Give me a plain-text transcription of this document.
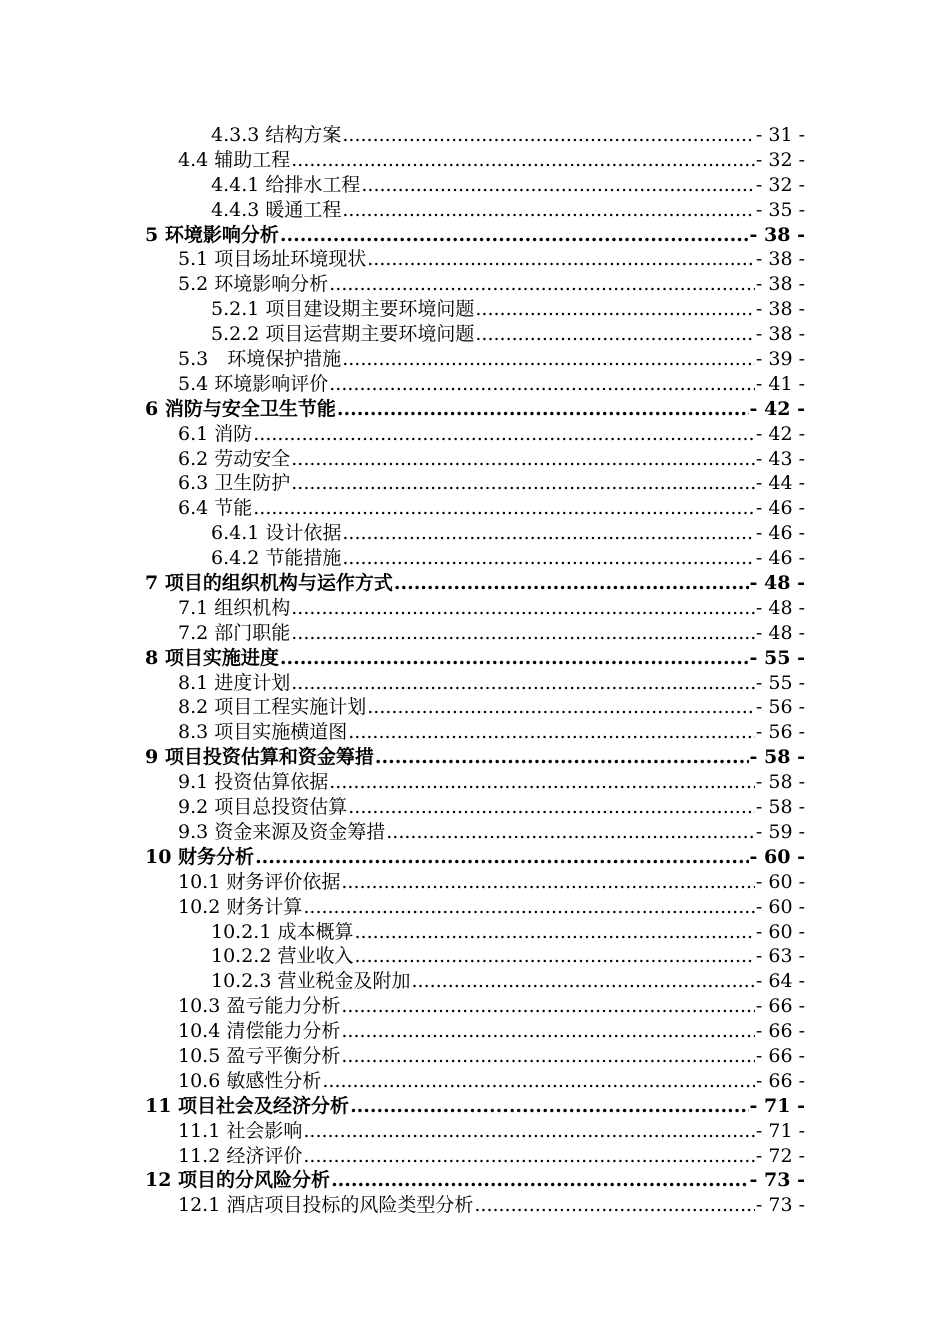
4.3.3 结构方案 .....	- 31 -
4.4 辅助工程 .....	- 32 -
4.4.1 给排水工程 .....	- 32 -
4.4.3 暖通工程 .....	- 35 -
5 环境影响分析 .....	- 38 -
5.1 项目场址环境现状 .....	- 38 -
5.2 环境影响分析 .....	- 38 -
5.2.1 项目建设期主要环境问题 .....	- 38 -
5.2.2 项目运营期主要环境问题 .....	- 38 -
5.3　环境保护措施 .....	- 39 -
5.4 环境影响评价 .....	- 41 -
6 消防与安全卫生节能 .....	- 42 -
6.1 消防 .....	- 42 -
6.2 劳动安全 .....	- 43 -
6.3 卫生防护 .....	- 44 -
6.4 节能 .....	- 46 -
6.4.1 设计依据 .....	- 46 -
6.4.2 节能措施 .....	- 46 -
7 项目的组织机构与运作方式 .....	- 48 -
7.1 组织机构 .....	- 48 -
7.2 部门职能 .....	- 48 -
8 项目实施进度 .....	- 55 -
8.1 进度计划 .....	- 55 -
8.2 项目工程实施计划 .....	- 56 -
8.3 项目实施横道图 .....	- 56 -
9 项目投资估算和资金筹措 .....	- 58 -
9.1 投资估算依据 .....	- 58 -
9.2 项目总投资估算 .....	- 58 -
9.3 资金来源及资金筹措 .....	- 59 -
10 财务分析 .....	- 60 -
10.1 财务评价依据 .....	- 60 -
10.2 财务计算 .....	- 60 -
10.2.1 成本概算 .....	- 60 -
10.2.2 营业收入 .....	- 63 -
10.2.3 营业税金及附加 .....	- 64 -
10.3 盈亏能力分析 .....	- 66 -
10.4 清偿能力分析 .....	- 66 -
10.5 盈亏平衡分析 .....	- 66 -
10.6 敏感性分析 .....	- 66 -
11 项目社会及经济分析 .....	- 71 -
11.1 社会影响 .....	- 71 -
11.2 经济评价 .....	- 72 -
12 项目的分风险分析 .....	- 73 -
12.1 酒店项目投标的风险类型分析 .....	- 73 -
